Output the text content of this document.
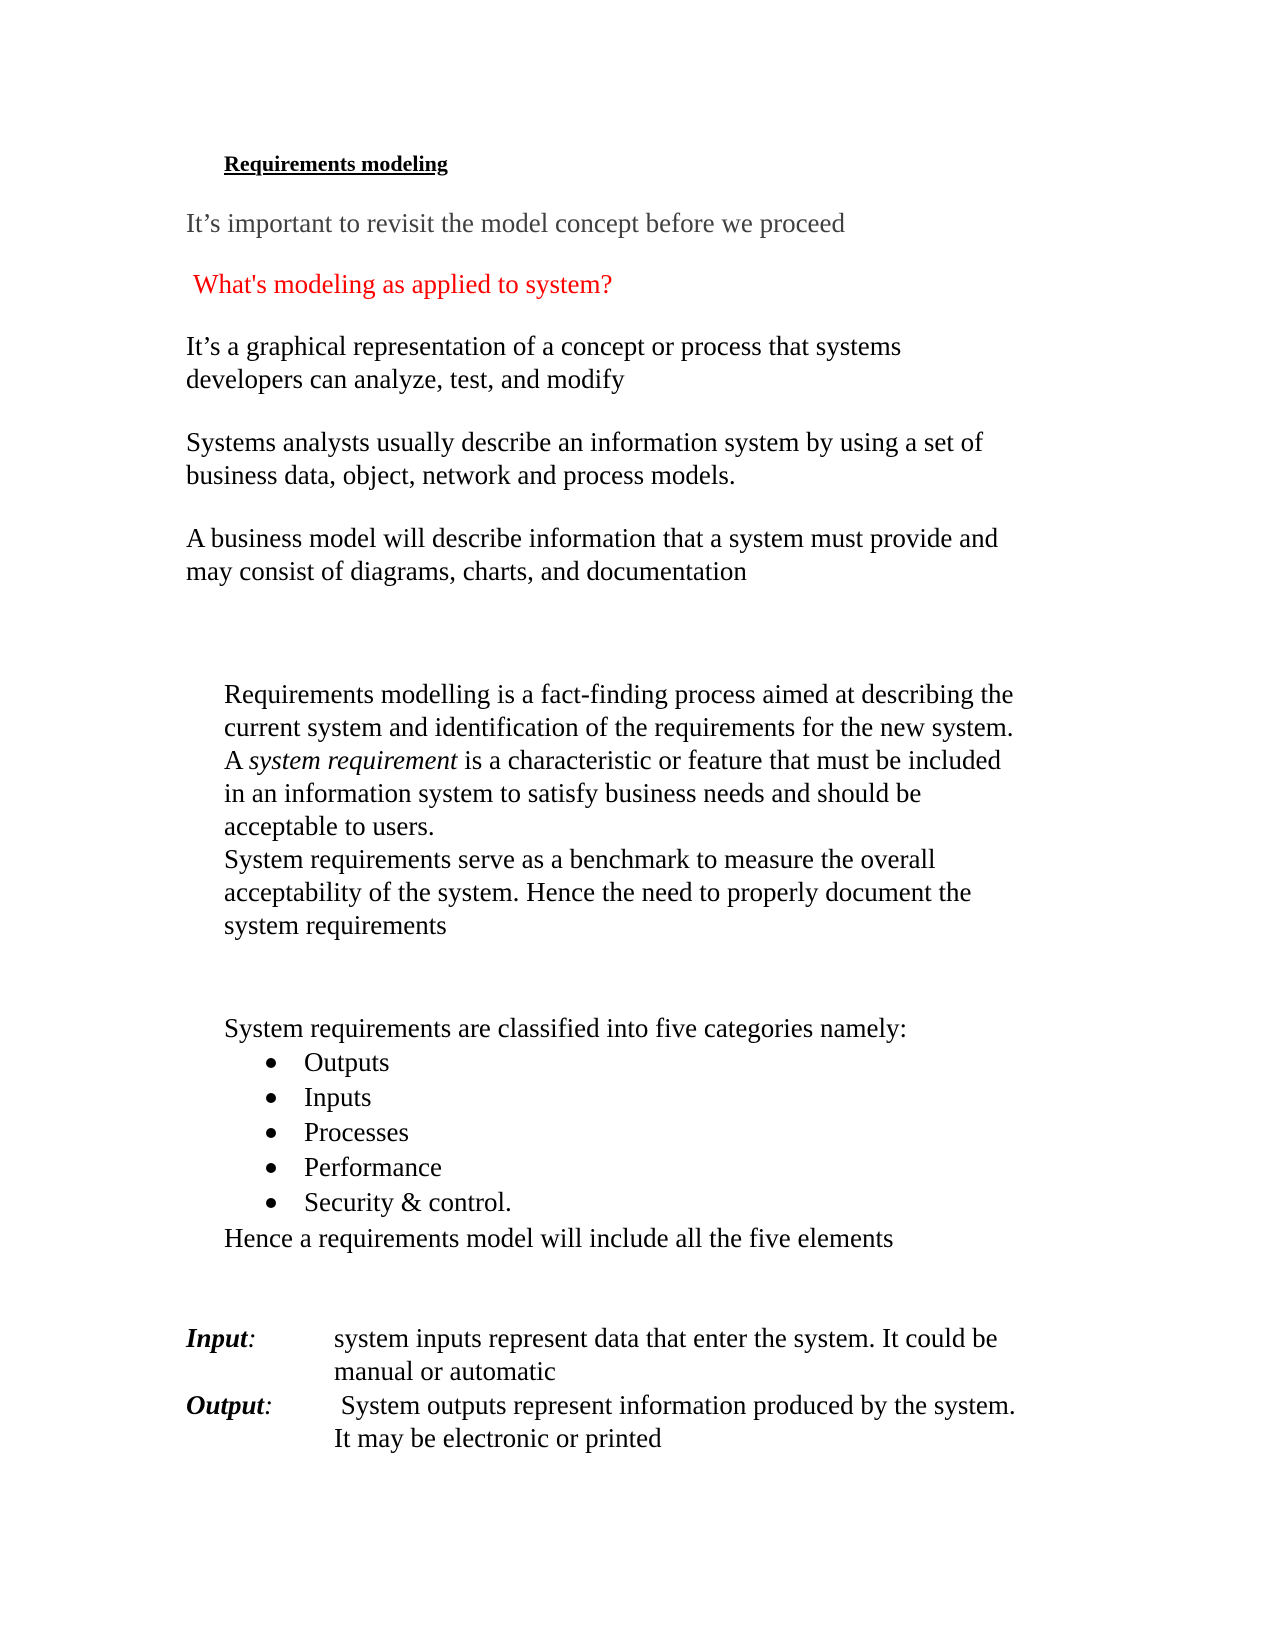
Requirements modeling
It’s important to revisit the model concept before we proceed
What's modeling as applied to system?
It’s a graphical representation of a concept or process that systems
developers can analyze, test, and modify
Systems analysts usually describe an information system by using a set of
business data, object, network and process models.
A business model will describe information that a system must provide and
may consist of diagrams, charts, and documentation
Requirements modelling is a fact-finding process aimed at describing the
current system and identification of the requirements for the new system.
A system requirement is a characteristic or feature that must be included
in an information system to satisfy business needs and should be
acceptable to users.
System requirements serve as a benchmark to measure the overall
acceptability of the system. Hence the need to properly document the
system requirements
System requirements are classified into five categories namely:
Outputs
Inputs
Processes
Performance
Security & control.
Hence a requirements model will include all the five elements
Input:	system inputs represent data that enter the system. It could be
manual or automatic
Output: System outputs represent information produced by the system.
It may be electronic or printed
